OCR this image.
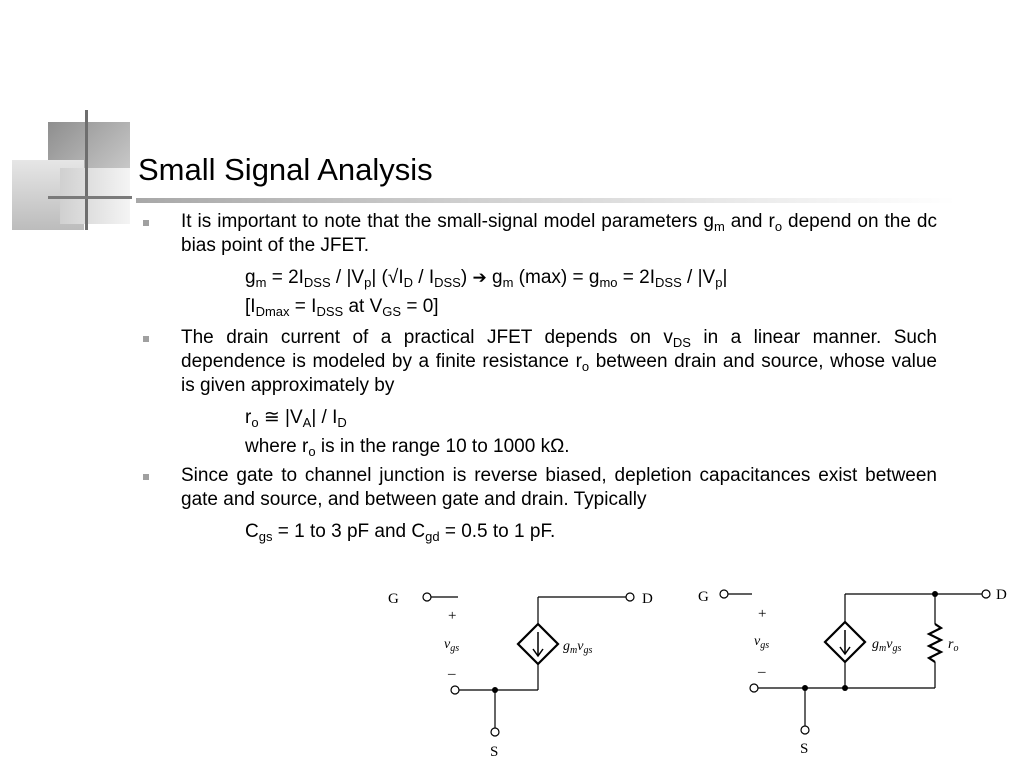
Small Signal Analysis
It is important to note that the small-signal model parameters $g_m$ and $r_o$ depend on the dc bias point of the JFET.
$g_m = 2I_{DSS} / |V_p|$ $(√I_D / I_{DSS})$ ➔ $g_m$ $(\max) = g_{mo} = 2I_{DSS} / |V_p|$
[$I_{Dmax} = I_{DSS}$ at $V_{GS} = 0$]
The drain current of a practical JFET depends on $v_{DS}$ in a linear manner. Such dependence is modeled by a finite resistance $r_o$ between drain and source, whose value is given approximately by
$r_o$ ≅ $|V_A| / I_D$
where $r_o$ is in the range 10 to 1000 kΩ.
Since gate to channel junction is reverse biased, depletion capacitances exist between gate and source, and between gate and drain. Typically
$C_{gs} = 1$ to 3 pF and $C_{gd} = 0.5$ to 1 pF.
G
+
$v_{gs}$
–
S
D
$g_mv_{gs}$
G
+
$v_{gs}$
–
S
D
$g_mv_{gs}$	$r_o$
